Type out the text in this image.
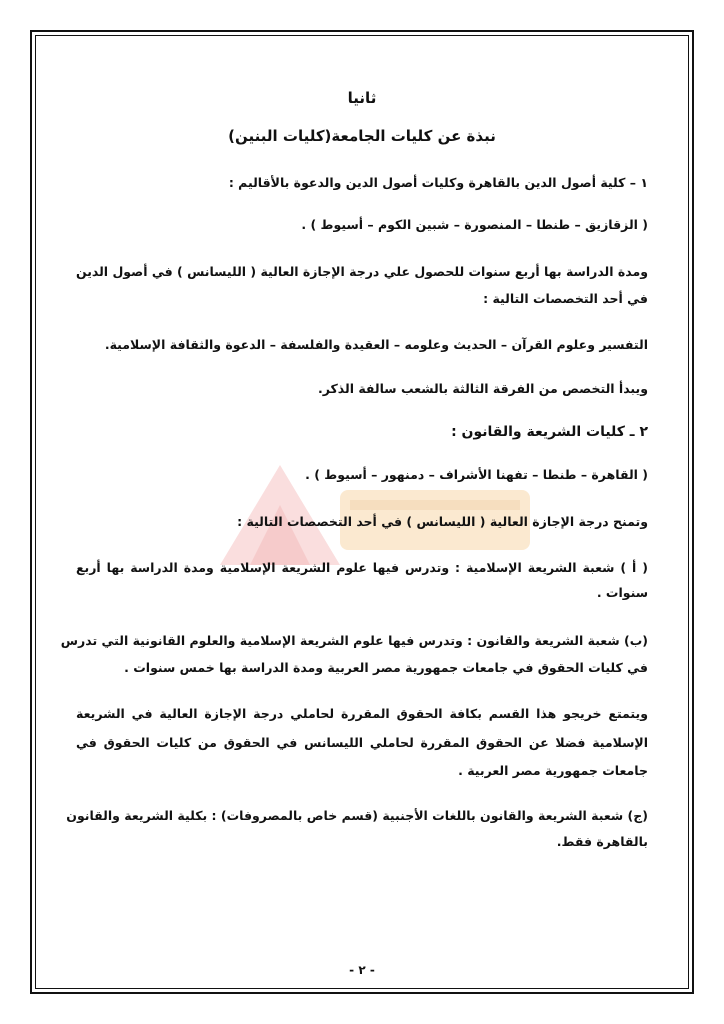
ثانيا
نبذة عن كليات الجامعة(كليات البنين)
١ – كلية أصول الدين بالقاهرة وكليات أصول الدين والدعوة بالأقاليم :
( الزقازيق – طنطا – المنصورة – شبين الكوم – أسيوط ) .
ومدة الدراسة بها أربع سنوات للحصول علي درجة الإجازة العالية ( الليسانس ) في أصول الدين
في أحد التخصصات التالية :
التفسير وعلوم القرآن – الحديث وعلومه – العقيدة والفلسفة – الدعوة والثقافة الإسلامية.
ويبدأ التخصص من الفرقة الثالثة بالشعب سالفة الذكر.
٢ ـ كليات الشريعة والقانون :
( القاهرة – طنطا – تفهنا الأشراف – دمنهور – أسيوط ) .
وتمنح درجة الإجازة العالية ( الليسانس ) في أحد التخصصات التالية :
( أ ) شعبة الشريعة الإسلامية : وتدرس فيها علوم الشريعة الإسلامية ومدة الدراسة بها أربع
سنوات .
(ب) شعبة الشريعة والقانون : وتدرس فيها علوم الشريعة الإسلامية والعلوم القانونية التي تدرس
في كليات الحقوق في جامعات جمهورية مصر العربية ومدة الدراسة بها خمس سنوات .
ويتمتع خريجو هذا القسم بكافة الحقوق المقررة لحاملي درجة الإجازة العالية في الشريعة
الإسلامية فضلا عن الحقوق المقررة لحاملي الليسانس في الحقوق من كليات الحقوق في
جامعات جمهورية مصر العربية .
(ج) شعبة الشريعة والقانون باللغات الأجنبية (قسم خاص بالمصروفات) : بكلية الشريعة والقانون
بالقاهرة فقط.
- ٢ -
